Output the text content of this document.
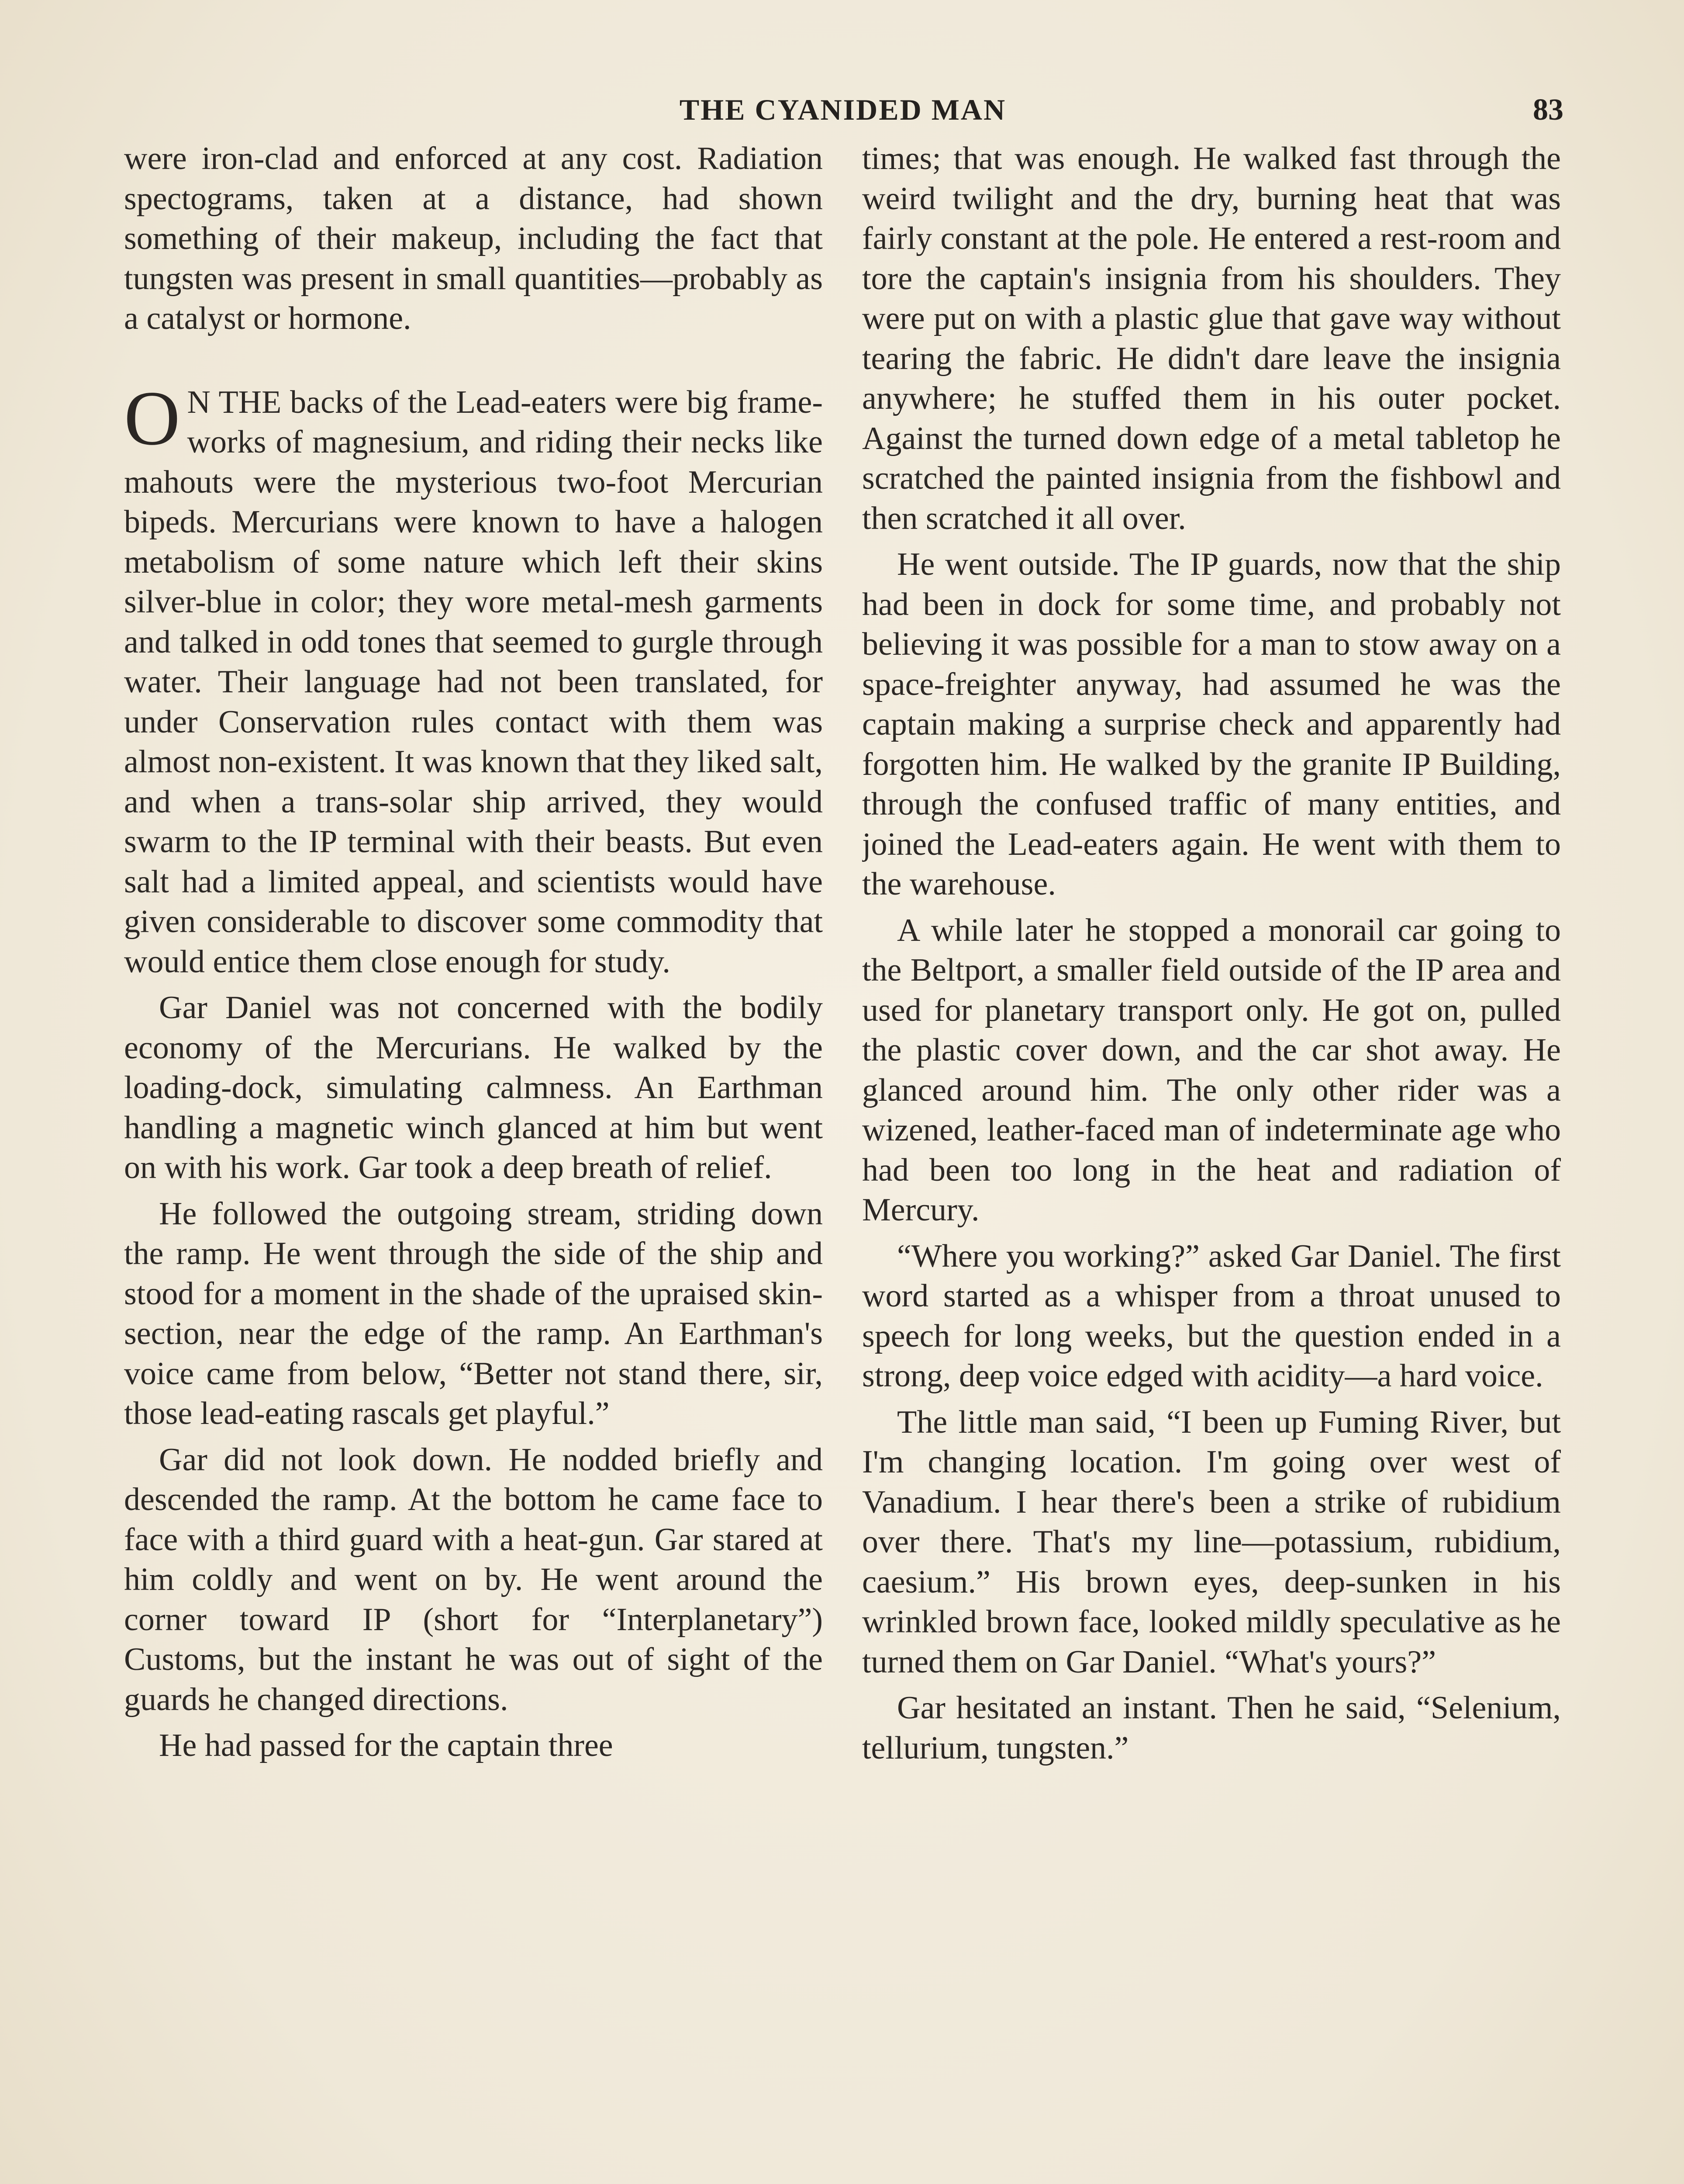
THE CYANIDED MAN	83

were iron-clad and enforced at any cost. Radiation spectograms, taken at a distance, had shown something of their makeup, including the fact that tungsten was present in small quantities—probably as a catalyst or hormone.

O N THE backs of the Lead-eaters were big frame-works of magnesium, and riding their necks like mahouts were the mysterious two-foot Mercurian bipeds. Mercurians were known to have a halogen metabolism of some nature which left their skins silver-blue in color; they wore metal-mesh garments and talked in odd tones that seemed to gurgle through water. Their language had not been translated, for under Conservation rules contact with them was almost non-existent. It was known that they liked salt, and when a trans-solar ship arrived, they would swarm to the IP terminal with their beasts. But even salt had a limited appeal, and scientists would have given considerable to discover some commodity that would entice them close enough for study.

Gar Daniel was not concerned with the bodily economy of the Mercurians. He walked by the loading-dock, simulating calmness. An Earthman handling a magnetic winch glanced at him but went on with his work. Gar took a deep breath of relief.

He followed the outgoing stream, striding down the ramp. He went through the side of the ship and stood for a moment in the shade of the upraised skin-section, near the edge of the ramp. An Earthman's voice came from below, “Better not stand there, sir, those lead-eating rascals get playful.”

Gar did not look down. He nodded briefly and descended the ramp. At the bottom he came face to face with a third guard with a heat-gun. Gar stared at him coldly and went on by. He went around the corner toward IP (short for “Interplanetary”) Customs, but the instant he was out of sight of the guards he changed directions.

He had passed for the captain three

times; that was enough. He walked fast through the weird twilight and the dry, burning heat that was fairly constant at the pole. He entered a rest-room and tore the captain's insignia from his shoulders. They were put on with a plastic glue that gave way without tearing the fabric. He didn't dare leave the insignia anywhere; he stuffed them in his outer pocket. Against the turned down edge of a metal tabletop he scratched the painted insignia from the fishbowl and then scratched it all over.

He went outside. The IP guards, now that the ship had been in dock for some time, and probably not believing it was possible for a man to stow away on a space-freighter anyway, had assumed he was the captain making a surprise check and apparently had forgotten him. He walked by the granite IP Building, through the confused traffic of many entities, and joined the Lead-eaters again. He went with them to the warehouse.

A while later he stopped a monorail car going to the Beltport, a smaller field outside of the IP area and used for planetary transport only. He got on, pulled the plastic cover down, and the car shot away. He glanced around him. The only other rider was a wizened, leather-faced man of indeterminate age who had been too long in the heat and radiation of Mercury.

“Where you working?” asked Gar Daniel. The first word started as a whisper from a throat unused to speech for long weeks, but the question ended in a strong, deep voice edged with acidity—a hard voice.

The little man said, “I been up Fuming River, but I'm changing location. I'm going over west of Vanadium. I hear there's been a strike of rubidium over there. That's my line—potassium, rubidium, caesium.” His brown eyes, deep-sunken in his wrinkled brown face, looked mildly speculative as he turned them on Gar Daniel. “What's yours?”

Gar hesitated an instant. Then he said, “Selenium, tellurium, tungsten.”
